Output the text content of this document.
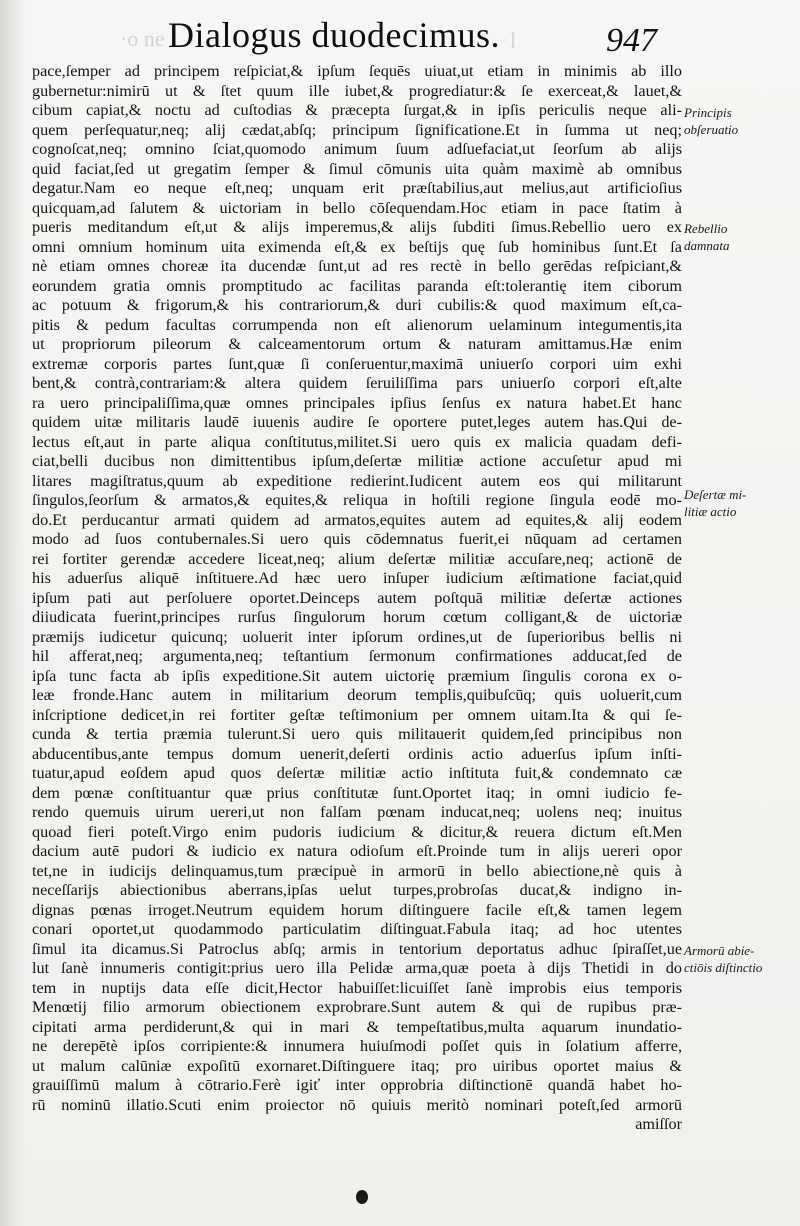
·o ne Dialogus duodecimus. l	947
pace,ſemper ad principem reſpiciat,& ipſum ſequēs uiuat,ut etiam in minimis ab illo
gubernetur:nimirū ut & ſtet quum ille iubet,& progrediatur:& ſe exerceat,& lauet,&
cibum capiat,& noctu ad cuſtodias & præcepta ſurgat,& in ipſis periculis neque ali-
quem perſequatur,neq; alij cædat,abſq; principum ſignificatione.Et in ſumma ut neq;
cognoſcat,neq; omnino ſciat,quomodo animum ſuum adſuefaciat,ut ſeorſum ab alijs
quid faciat,ſed ut gregatim ſemper & ſimul cōmunis uita quàm maximè ab omnibus
degatur.Nam eo neque eſt,neq; unquam erit præſtabilius,aut melius,aut artificioſius
quicquam,ad ſalutem & uictoriam in bello cōſequendam.Hoc etiam in pace ſtatim à
pueris meditandum eſt,ut & alijs imperemus,& alijs ſubditi ſimus.Rebellio uero ex
omni omnium hominum uita eximenda eſt,& ex beſtijs quę ſub hominibus ſunt.Et ſa
nè etiam omnes choreæ ita ducendæ ſunt,ut ad res rectè in bello gerēdas reſpiciant,&
eorundem gratia omnis promptitudo ac facilitas paranda eſt:tolerantię item ciborum
ac potuum & frigorum,& his contrariorum,& duri cubilis:& quod maximum eſt,ca-
pitis & pedum facultas corrumpenda non eſt alienorum uelaminum integumentis,ita
ut propriorum pileorum & calceamentorum ortum & naturam amittamus.Hæ enim
extremæ corporis partes ſunt,quæ ſi conſeruentur,maximā uniuerſo corpori uim exhi
bent,& contrà,contrariam:& altera quidem ſeruiliſſima pars uniuerſo corpori eſt,alte
ra uero principaliſſima,quæ omnes principales ipſius ſenſus ex natura habet.Et hanc
quidem uitæ militaris laudē iuuenis audire ſe oportere putet,leges autem has.Qui de-
lectus eſt,aut in parte aliqua conſtitutus,militet.Si uero quis ex malicia quadam defi-
ciat,belli ducibus non dimittentibus ipſum,deſertæ militiæ actione accuſetur apud mi
litares magiſtratus,quum ab expeditione redierint.Iudicent autem eos qui militarunt
ſingulos,ſeorſum & armatos,& equites,& reliqua in hoſtili regione ſingula eodē mo-
do.Et perducantur armati quidem ad armatos,equites autem ad equites,& alij eodem
modo ad ſuos contubernales.Si uero quis cōdemnatus fuerit,ei nūquam ad certamen
rei fortiter gerendæ accedere liceat,neq; alium deſertæ militiæ accuſare,neq; actionē de
his aduerſus aliquē inſtituere.Ad hæc uero inſuper iudicium æſtimatione faciat,quid
ipſum pati aut perſoluere oportet.Deinceps autem poſtquā militiæ deſertæ actiones
diiudicata fuerint,principes rurſus ſingulorum horum cœtum colligant,& de uictoriæ
præmijs iudicetur quicunq; uoluerit inter ipſorum ordines,ut de ſuperioribus bellis ni
hil afferat,neq; argumenta,neq; teſtantium ſermonum confirmationes adducat,ſed de
ipſa tunc facta ab ipſis expeditione.Sit autem uictorię præmium ſingulis corona ex o-
leæ fronde.Hanc autem in militarium deorum templis,quibuſcūq; quis uoluerit,cum
inſcriptione dedicet,in rei fortiter geſtæ teſtimonium per omnem uitam.Ita & qui ſe-
cunda & tertia præmia tulerunt.Si uero quis militauerit quidem,ſed principibus non
abducentibus,ante tempus domum uenerit,deſerti ordinis actio aduerſus ipſum inſti-
tuatur,apud eoſdem apud quos deſertæ militiæ actio inſtituta fuit,& condemnato cæ
dem pœnæ conſtituantur quæ prius conſtitutæ ſunt.Oportet itaq; in omni iudicio fe-
rendo quemuis uirum uereri,ut non falſam pœnam inducat,neq; uolens neq; inuitus
quoad fieri poteſt.Virgo enim pudoris iudicium & dicitur,& reuera dictum eſt.Men
dacium autē pudori & iudicio ex natura odioſum eſt.Proinde tum in alijs uereri opor
tet,ne in iudicijs delinquamus,tum præcipuè in armorū in bello abiectione,nè quis à
neceſſarijs abiectionibus aberrans,ipſas uelut turpes,probroſas ducat,& indigno in-
dignas pœnas irroget.Neutrum equidem horum diſtinguere facile eſt,& tamen legem
conari oportet,ut quodammodo particulatim diſtinguat.Fabula itaq; ad hoc utentes
ſimul ita dicamus.Si Patroclus abſq; armis in tentorium deportatus adhuc ſpiraſſet,ue
lut ſanè innumeris contigit:prius uero illa Pelidæ arma,quæ poeta à dijs Thetidi in do
tem in nuptijs data eſſe dicit,Hector habuiſſet:licuiſſet ſanè improbis eius temporis
Menœtij filio armorum obiectionem exprobrare.Sunt autem & qui de rupibus præ-
cipitati arma perdiderunt,& qui in mari & tempeſtatibus,multa aquarum inundatio-
ne derepētè ipſos corripiente:& innumera huiuſmodi poſſet quis in ſolatium afferre,
ut malum calūniæ expoſitū exornaret.Diſtinguere itaq; pro uiribus oportet maius &
grauiſſimū malum à cōtrario.Ferè igiť inter opprobria diſtinctionē quandā habet ho-
rū nominū illatio.Scuti enim proiector nō quiuis meritò nominari poteſt,ſed armorū
amiſſor
Principis
obſeruatio
Rebellio
damnata
Deſertæ mi-
litiæ actio
Armorū abie-
ctiōis diſtinctio
